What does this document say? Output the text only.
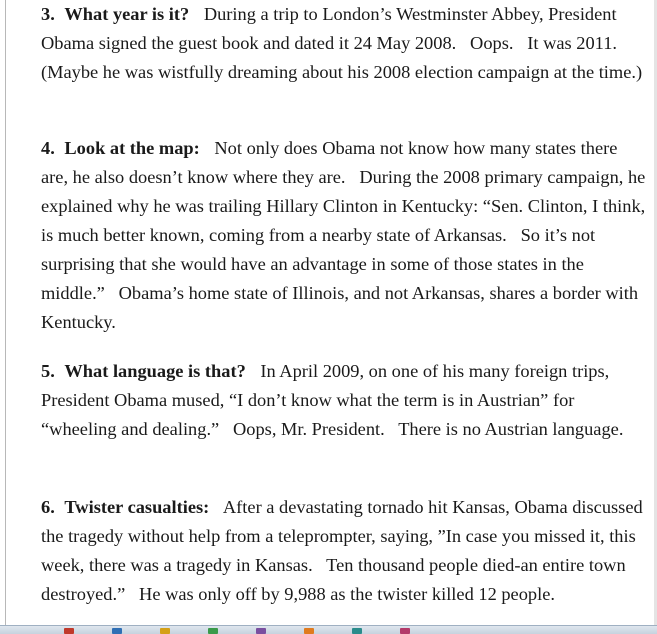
3. What year is it? During a trip to London’s Westminster Abbey, President Obama signed the guest book and dated it 24 May 2008.   Oops.   It was 2011.   (Maybe he was wistfully dreaming about his 2008 election campaign at the time.)

4. Look at the map: Not only does Obama not know how many states there are, he also doesn’t know where they are.   During the 2008 primary campaign, he explained why he was trailing Hillary Clinton in Kentucky: “Sen. Clinton, I think, is much better known, coming from a nearby state of Arkansas.   So it’s not surprising that she would have an advantage in some of those states in the middle.”   Obama’s home state of Illinois, and not Arkansas, shares a border with Kentucky.

5. What language is that? In April 2009, on one of his many foreign trips, President Obama mused, “I don’t know what the term is in Austrian” for “wheeling and dealing.”   Oops, Mr. President.   There is no Austrian language.

6. Twister casualties: After a devastating tornado hit Kansas, Obama discussed the tragedy without help from a teleprompter, saying, ”In case you missed it, this week, there was a tragedy in Kansas.   Ten thousand people died-an entire town destroyed.”   He was only off by 9,988 as the twister killed 12 people.
